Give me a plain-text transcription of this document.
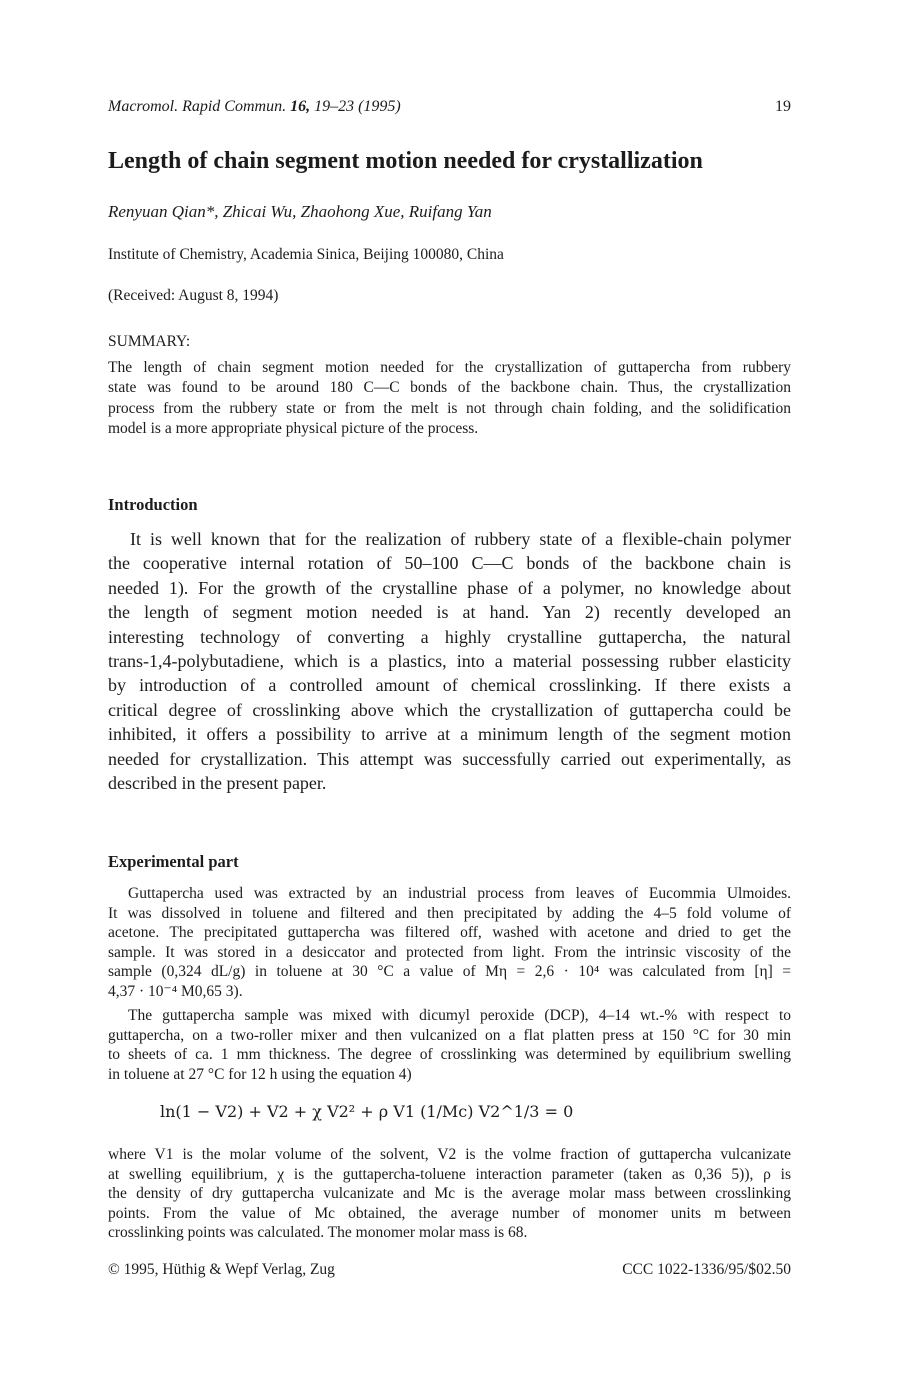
Macromol. Rapid Commun. 16, 19–23 (1995)	19
Length of chain segment motion needed for crystallization
Renyuan Qian*, Zhicai Wu, Zhaohong Xue, Ruifang Yan
Institute of Chemistry, Academia Sinica, Beijing 100080, China
(Received: August 8, 1994)
SUMMARY:
The length of chain segment motion needed for the crystallization of guttapercha from rubbery
state was found to be around 180 C—C bonds of the backbone chain. Thus, the crystallization
process from the rubbery state or from the melt is not through chain folding, and the solidification
model is a more appropriate physical picture of the process.
Introduction
It is well known that for the realization of rubbery state of a flexible-chain polymer
the cooperative internal rotation of 50–100 C—C bonds of the backbone chain is
needed 1). For the growth of the crystalline phase of a polymer, no knowledge about
the length of segment motion needed is at hand. Yan 2) recently developed an
interesting technology of converting a highly crystalline guttapercha, the natural
trans-1,4-polybutadiene, which is a plastics, into a material possessing rubber elasticity
by introduction of a controlled amount of chemical crosslinking. If there exists a
critical degree of crosslinking above which the crystallization of guttapercha could be
inhibited, it offers a possibility to arrive at a minimum length of the segment motion
needed for crystallization. This attempt was successfully carried out experimentally, as
described in the present paper.
Experimental part
Guttapercha used was extracted by an industrial process from leaves of Eucommia Ulmoides.
It was dissolved in toluene and filtered and then precipitated by adding the 4–5 fold volume of
acetone. The precipitated guttapercha was filtered off, washed with acetone and dried to get the
sample. It was stored in a desiccator and protected from light. From the intrinsic viscosity of the
sample (0,324 dL/g) in toluene at 30 °C a value of Mη = 2,6 · 10⁴ was calculated from [η] =
4,37 · 10⁻⁴ M0,65 3).
The guttapercha sample was mixed with dicumyl peroxide (DCP), 4–14 wt.-% with respect to
guttapercha, on a two-roller mixer and then vulcanized on a flat platten press at 150 °C for 30 min
to sheets of ca. 1 mm thickness. The degree of crosslinking was determined by equilibrium swelling
in toluene at 27 °C for 12 h using the equation 4)
ln(1 − V2) + V2 + χ V2² + ρ V1 (1/Mc) V2^1/3 = 0
where V1 is the molar volume of the solvent, V2 is the volme fraction of guttapercha vulcanizate
at swelling equilibrium, χ is the guttapercha-toluene interaction parameter (taken as 0,36 5)), ρ is
the density of dry guttapercha vulcanizate and Mc is the average molar mass between crosslinking
points. From the value of Mc obtained, the average number of monomer units m between
crosslinking points was calculated. The monomer molar mass is 68.
© 1995, Hüthig & Wepf Verlag, Zug	CCC 1022-1336/95/$02.50
